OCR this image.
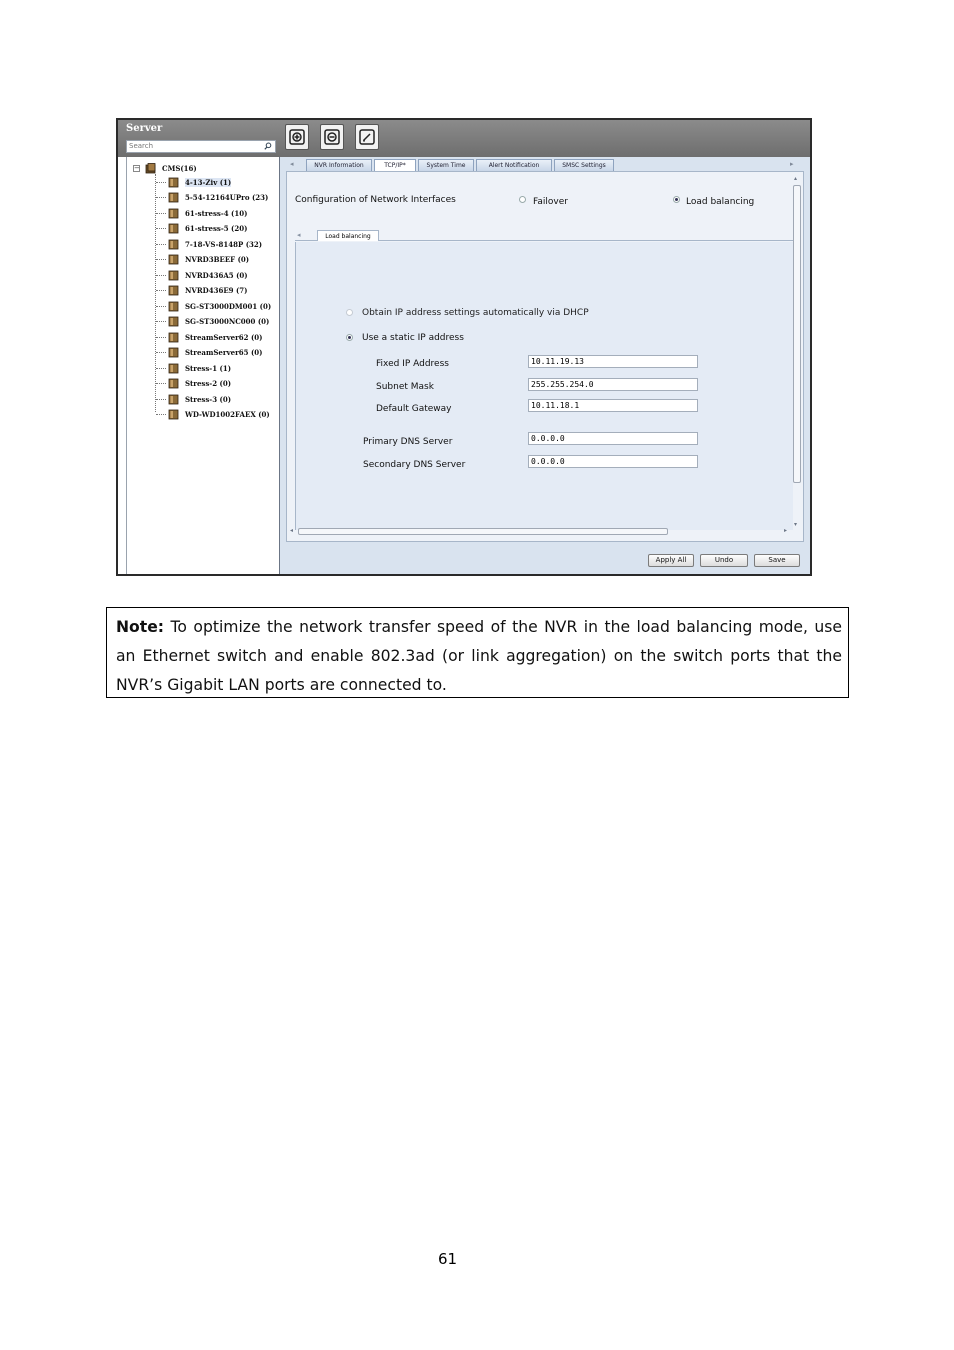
Server
Search
−	CMS(16)
4-13-Ziv (1)
5-54-12164UPro (23)
61-stress-4 (10)
61-stress-5 (20)
7-18-VS-8148P (32)
NVRD3BEEF (0)
NVRD436A5 (0)
NVRD436E9 (7)
SG-ST3000DM001 (0)
SG-ST3000NC000 (0)
StreamServer62 (0)
StreamServer65 (0)
Stress-1 (1)
Stress-2 (0)
Stress-3 (0)
WD-WD1002FAEX (0)
◂	NVR Information	TCP/IP*	System Time	Alert Notification	SMSC Settings	▸
Configuration of Network Interfaces	Failover	Load balancing
◂	Load balancing
Obtain IP address settings automatically via DHCP
Use a static IP address
Fixed IP Address	10.11.19.13
Subnet Mask	255.255.254.0
Default Gateway	10.11.18.1
Primary DNS Server	0.0.0.0
Secondary DNS Server	0.0.0.0
▴
▾
◂	▸
Apply All	Undo	Save

Note: To optimize the network transfer speed of the NVR in the load balancing mode, use an Ethernet switch and enable 802.3ad (or link aggregation) on the switch ports that the NVR’s Gigabit LAN ports are connected to.

61
